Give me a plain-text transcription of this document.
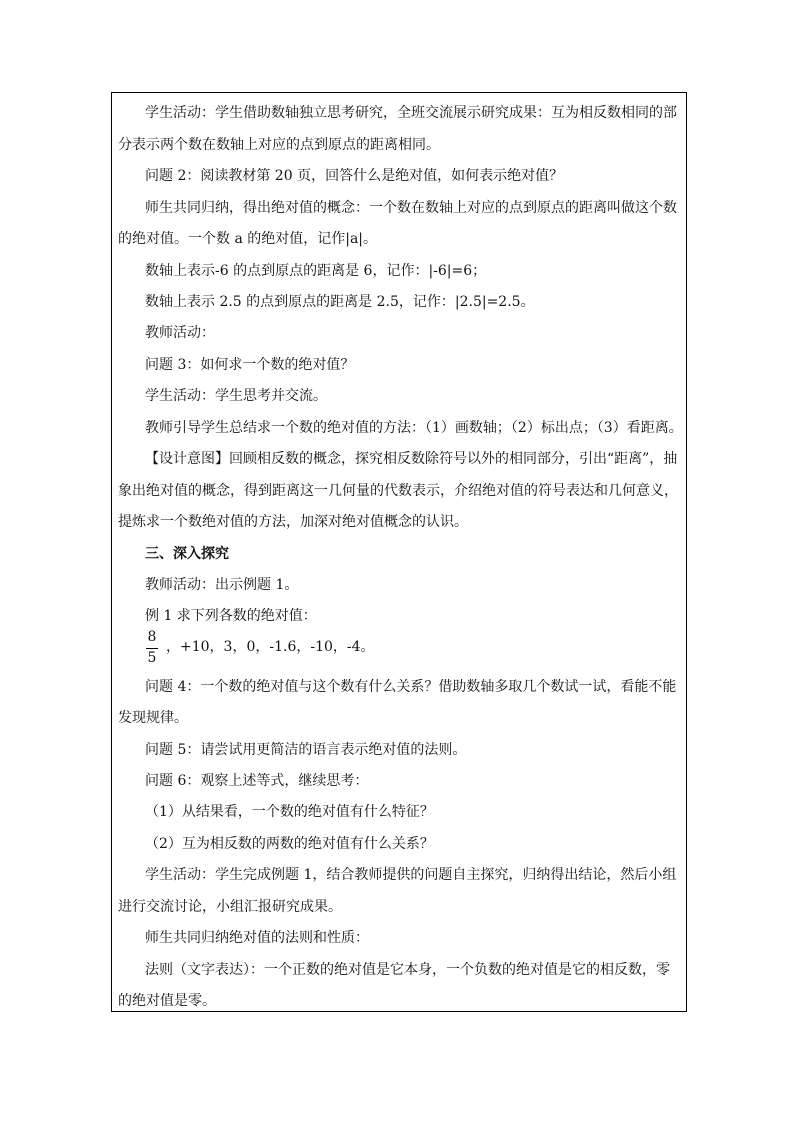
学生活动：学生借助数轴独立思考研究，全班交流展示研究成果：互为相反数相同的部
分表示两个数在数轴上对应的点到原点的距离相同。
问题 2：阅读教材第 20 页，回答什么是绝对值，如何表示绝对值？
师生共同归纳，得出绝对值的概念：一个数在数轴上对应的点到原点的距离叫做这个数
的绝对值。一个数 a 的绝对值，记作|a|。
数轴上表示-6 的点到原点的距离是 6，记作：|-6|=6；
数轴上表示 2.5 的点到原点的距离是 2.5，记作：|2.5|=2.5。
教师活动：
问题 3：如何求一个数的绝对值？
学生活动：学生思考并交流。
教师引导学生总结求一个数的绝对值的方法：（1）画数轴；（2）标出点；（3）看距离。
【设计意图】回顾相反数的概念，探究相反数除符号以外的相同部分，引出“距离”，抽
象出绝对值的概念，得到距离这一几何量的代数表示，介绍绝对值的符号表达和几何意义，
提炼求一个数绝对值的方法，加深对绝对值概念的认识。
三、深入探究
教师活动：出示例题 1。
例 1 求下列各数的绝对值：
8
5
，+10，3，0，-1.6，-10，-4。
问题 4：一个数的绝对值与这个数有什么关系？借助数轴多取几个数试一试，看能不能
发现规律。
问题 5：请尝试用更简洁的语言表示绝对值的法则。
问题 6：观察上述等式，继续思考：
（1）从结果看，一个数的绝对值有什么特征？
（2）互为相反数的两数的绝对值有什么关系？
学生活动：学生完成例题 1，结合教师提供的问题自主探究，归纳得出结论，然后小组
进行交流讨论，小组汇报研究成果。
师生共同归纳绝对值的法则和性质：
法则（文字表达）：一个正数的绝对值是它本身，一个负数的绝对值是它的相反数，零
的绝对值是零。
